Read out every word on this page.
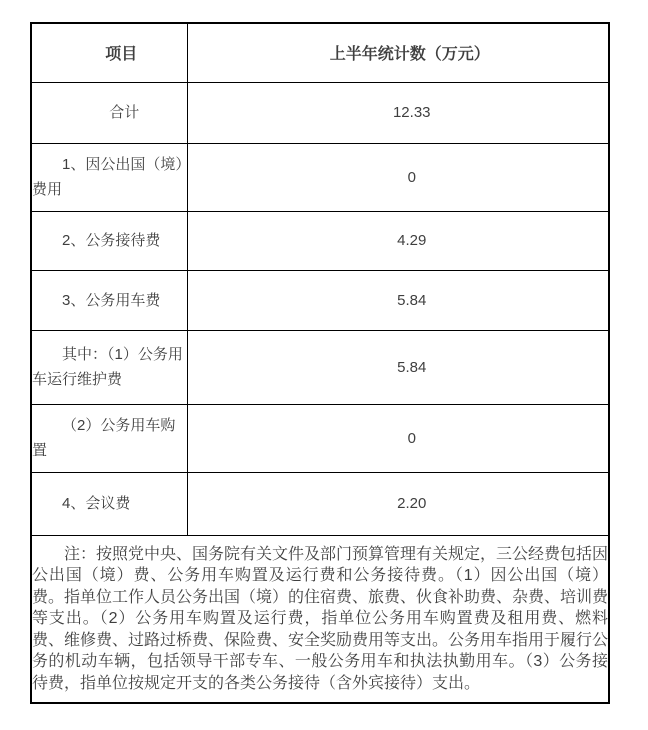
项目	上半年统计数（万元）
合计	12.33
1、因公出国（境）费用	0
2、公务接待费	4.29
3、公务用车费	5.84
其中：（1）公务用车运行维护费	5.84
（2）公务用车购置	0
4、会议费	2.20
注：按照党中央、国务院有关文件及部门预算管理有关规定，三公经费包括因公出国（境）费、公务用车购置及运行费和公务接待费。（1）因公出国（境）费。指单位工作人员公务出国（境）的住宿费、旅费、伙食补助费、杂费、培训费等支出。（2）公务用车购置及运行费，指单位公务用车购置费及租用费、燃料费、维修费、过路过桥费、保险费、安全奖励费用等支出。公务用车指用于履行公务的机动车辆，包括领导干部专车、一般公务用车和执法执勤用车。（3）公务接待费，指单位按规定开支的各类公务接待（含外宾接待）支出。	
